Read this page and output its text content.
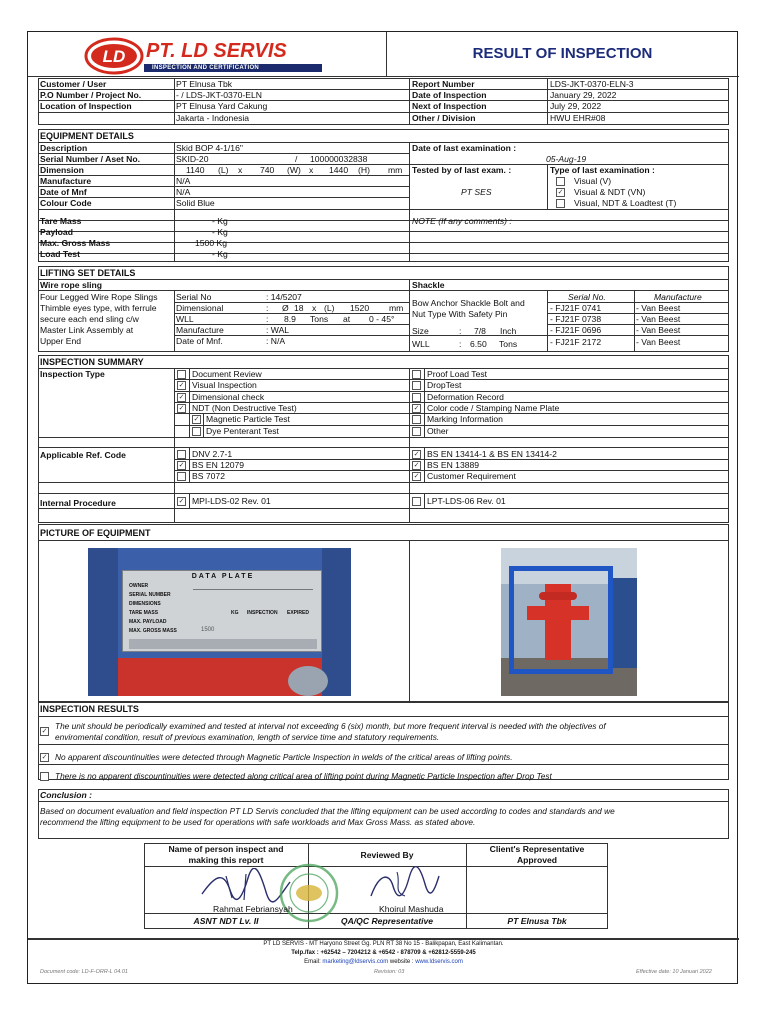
LD PT. LD SERVIS
INSPECTION AND CERTIFICATION
RESULT OF INSPECTION
Customer / User	PT Elnusa Tbk
P.O Number / Project No.	- / LDS-JKT-0370-ELN
Location of Inspection	PT Elnusa Yard Cakung
Jakarta - Indonesia
Report Number	LDS-JKT-0370-ELN-3
Date of Inspection	January 29, 2022
Next of Inspection	July 29, 2022
Other / Division	HWU EHR#08
EQUIPMENT DETAILS
Description	Skid BOP 4-1/16"
Serial Number / Aset No.	SKID-20	/ 100000032838
Dimension	1140 (L) x 740 (W) x 1440 (H) mm
Manufacture	N/A
Date of Mnf	N/A
Colour Code	Solid Blue
Tare Mass	- Kg
Payload	- Kg
Max. Gross Mass	1500 Kg
Load Test	- Kg
Date of last examination :
05-Aug-19
Tested by of last exam. :
PT SES
Type of last examination :
Visual (V)
✓
Visual & NDT (VN)
Visual, NDT & Loadtest (T)
NOTE (If any comments) :
LIFTING SET DETAILS
Wire rope sling
Four Legged Wire Rope Slings
Thimble eyes type, with ferrule
secure each end sling c/w
Master Link Assembly at
Upper End
Serial No	: 14/5207
Dimensional	: Ø 18 x (L) 1520 mm
WLL	: 8.9 Tons at 0 - 45°
Manufacture	: WAL
Date of Mnf.	: N/A
Shackle
Bow Anchor Shackle Bolt and
Nut Type With Safety Pin
Size	: 7/8 Inch
WLL	: 6.50 Tons
Serial No.	Manufacture
- FJ21F 0741	- Van Beest
- FJ21F 0738	- Van Beest
- FJ21F 0696	- Van Beest
- FJ21F 2172	- Van Beest
INSPECTION SUMMARY
Inspection Type	Document Review
✓
Visual Inspection
✓
Dimensional check
✓
NDT (Non Destructive Test)
✓
Magnetic Particle Test
Dye Penterant Test
Proof Load Test
DropTest
Deformation Record
✓
Color code / Stamping Name Plate
Marking Information
Other
Applicable Ref. Code	DNV 2.7-1
✓
BS EN 12079
BS 7072
✓
BS EN 13414-1 & BS EN 13414-2
✓
BS EN 13889
✓
Customer Requirement
Internal Procedure
✓	MPI-LDS-02 Rev. 01	LPT-LDS-06 Rev. 01
PICTURE OF EQUIPMENT
DATA PLATE
OWNER
SERIAL NUMBER
DIMENSIONS
TARE MASS
MAX. PAYLOAD
MAX. GROSS MASS
KG INSPECTION EXPIRED
1500
INSPECTION RESULTS
✓
The unit should be periodically examined and tested at interval not exceeding 6 (six) month, but more frequent interval is needed with the objectives of
enviromental condition, result of previous examination, length of service time and statutory requirements.
✓
No apparent discountinuities were detected through Magnetic Particle Inspection in welds of the critical areas of lifting points.
There is no apparent discountinuities were detected along critical area of lifting point during Magnetic Particle Inspection after Drop Test
Conclusion :
Based on document evaluation and field inspection PT LD Servis concluded that the lifting equipment can be used according to codes and standards and we
recommend the lifting equipment to be used for operations with safe workloads and Max Gross Mass. as stated above.
Name of person inspect and
making this report	Reviewed By
Client's Representative
Approved
Rahmat Febriansyah	Khoirul Mashuda
ASNT NDT Lv. II	QA/QC Representative	PT Elnusa Tbk
PT LD SERVIS - MT Haryono Street Gg. PLN RT 38 No 15 - Balikpapan, East Kalimantan.
Telp./fax : +62542 – 7204212 & +6542 - 878709 & +62812-5559-245
Email: marketing@ldservis.com website : www.ldservis.com
Document code: LD-F-ORR-L 04.01	Revision: 03	Effective date: 10 Januari 2022
